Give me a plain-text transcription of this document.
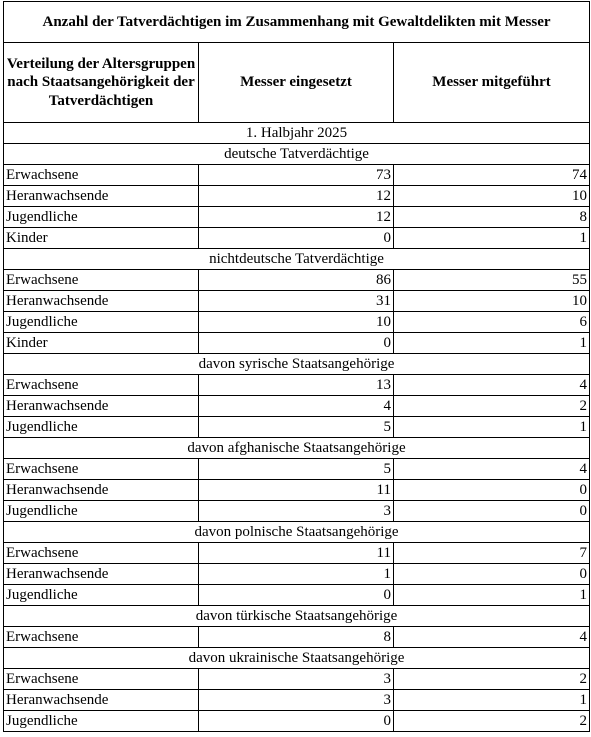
Anzahl der Tatverdächtigen im Zusammenhang mit Gewaltdelikten mit Messer		
Verteilung der Altersgruppen nach Staatsangehörigkeit der Tatverdächtigen	Messer eingesetzt	Messer mitgeführt
1. Halbjahr 2025		
deutsche Tatverdächtige		
Erwachsene	73	74
Heranwachsende	12	10
Jugendliche	12	8
Kinder	0	1
nichtdeutsche Tatverdächtige		
Erwachsene	86	55
Heranwachsende	31	10
Jugendliche	10	6
Kinder	0	1
davon syrische Staatsangehörige		
Erwachsene	13	4
Heranwachsende	4	2
Jugendliche	5	1
davon afghanische Staatsangehörige		
Erwachsene	5	4
Heranwachsende	11	0
Jugendliche	3	0
davon polnische Staatsangehörige		
Erwachsene	11	7
Heranwachsende	1	0
Jugendliche	0	1
davon türkische Staatsangehörige		
Erwachsene	8	4
davon ukrainische Staatsangehörige		
Erwachsene	3	2
Heranwachsende	3	1
Jugendliche	0	2
